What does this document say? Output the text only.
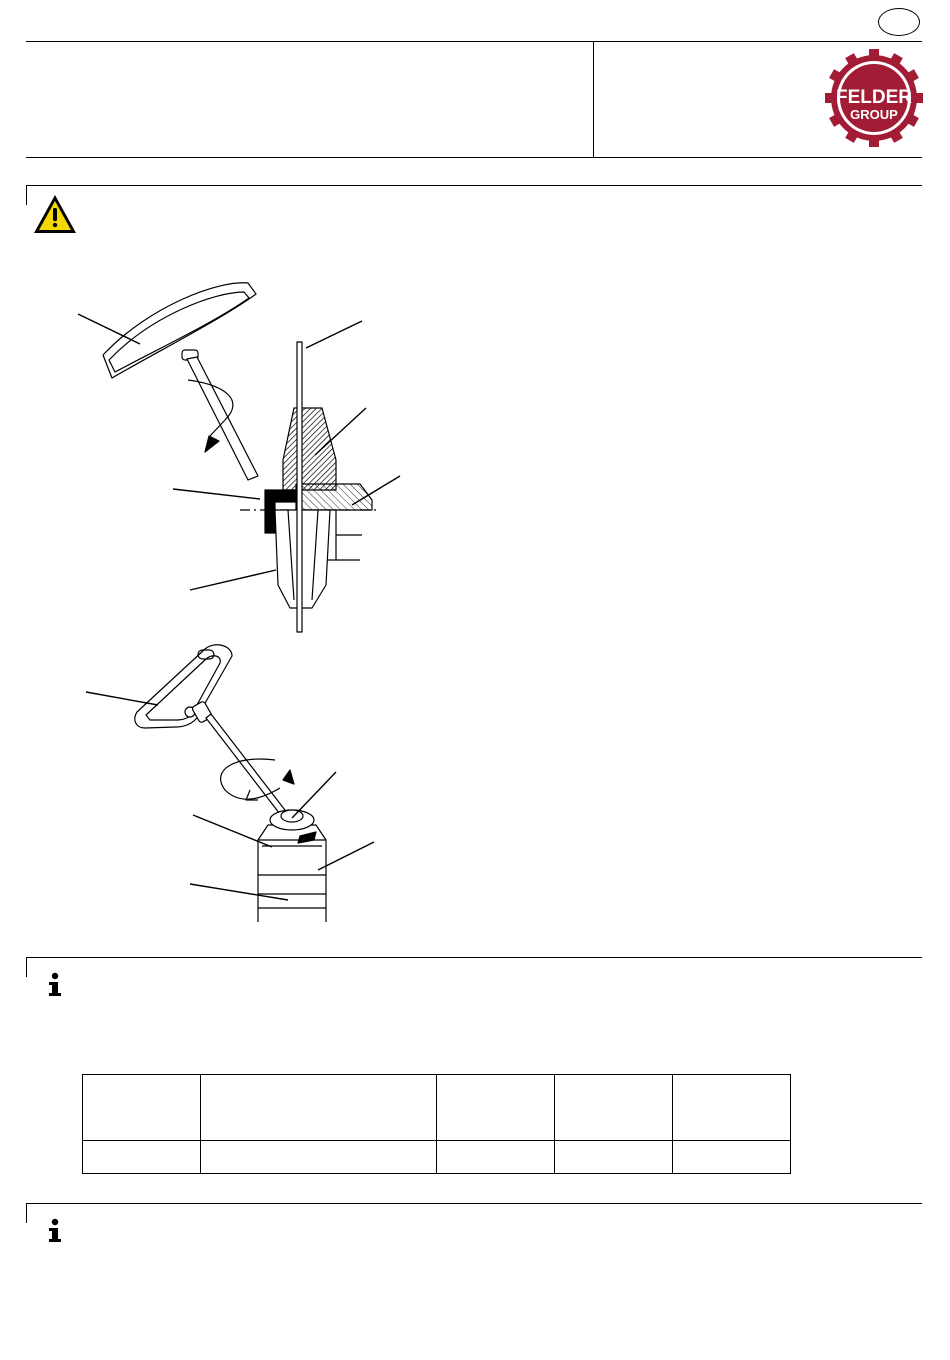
FELDER
GROUP
